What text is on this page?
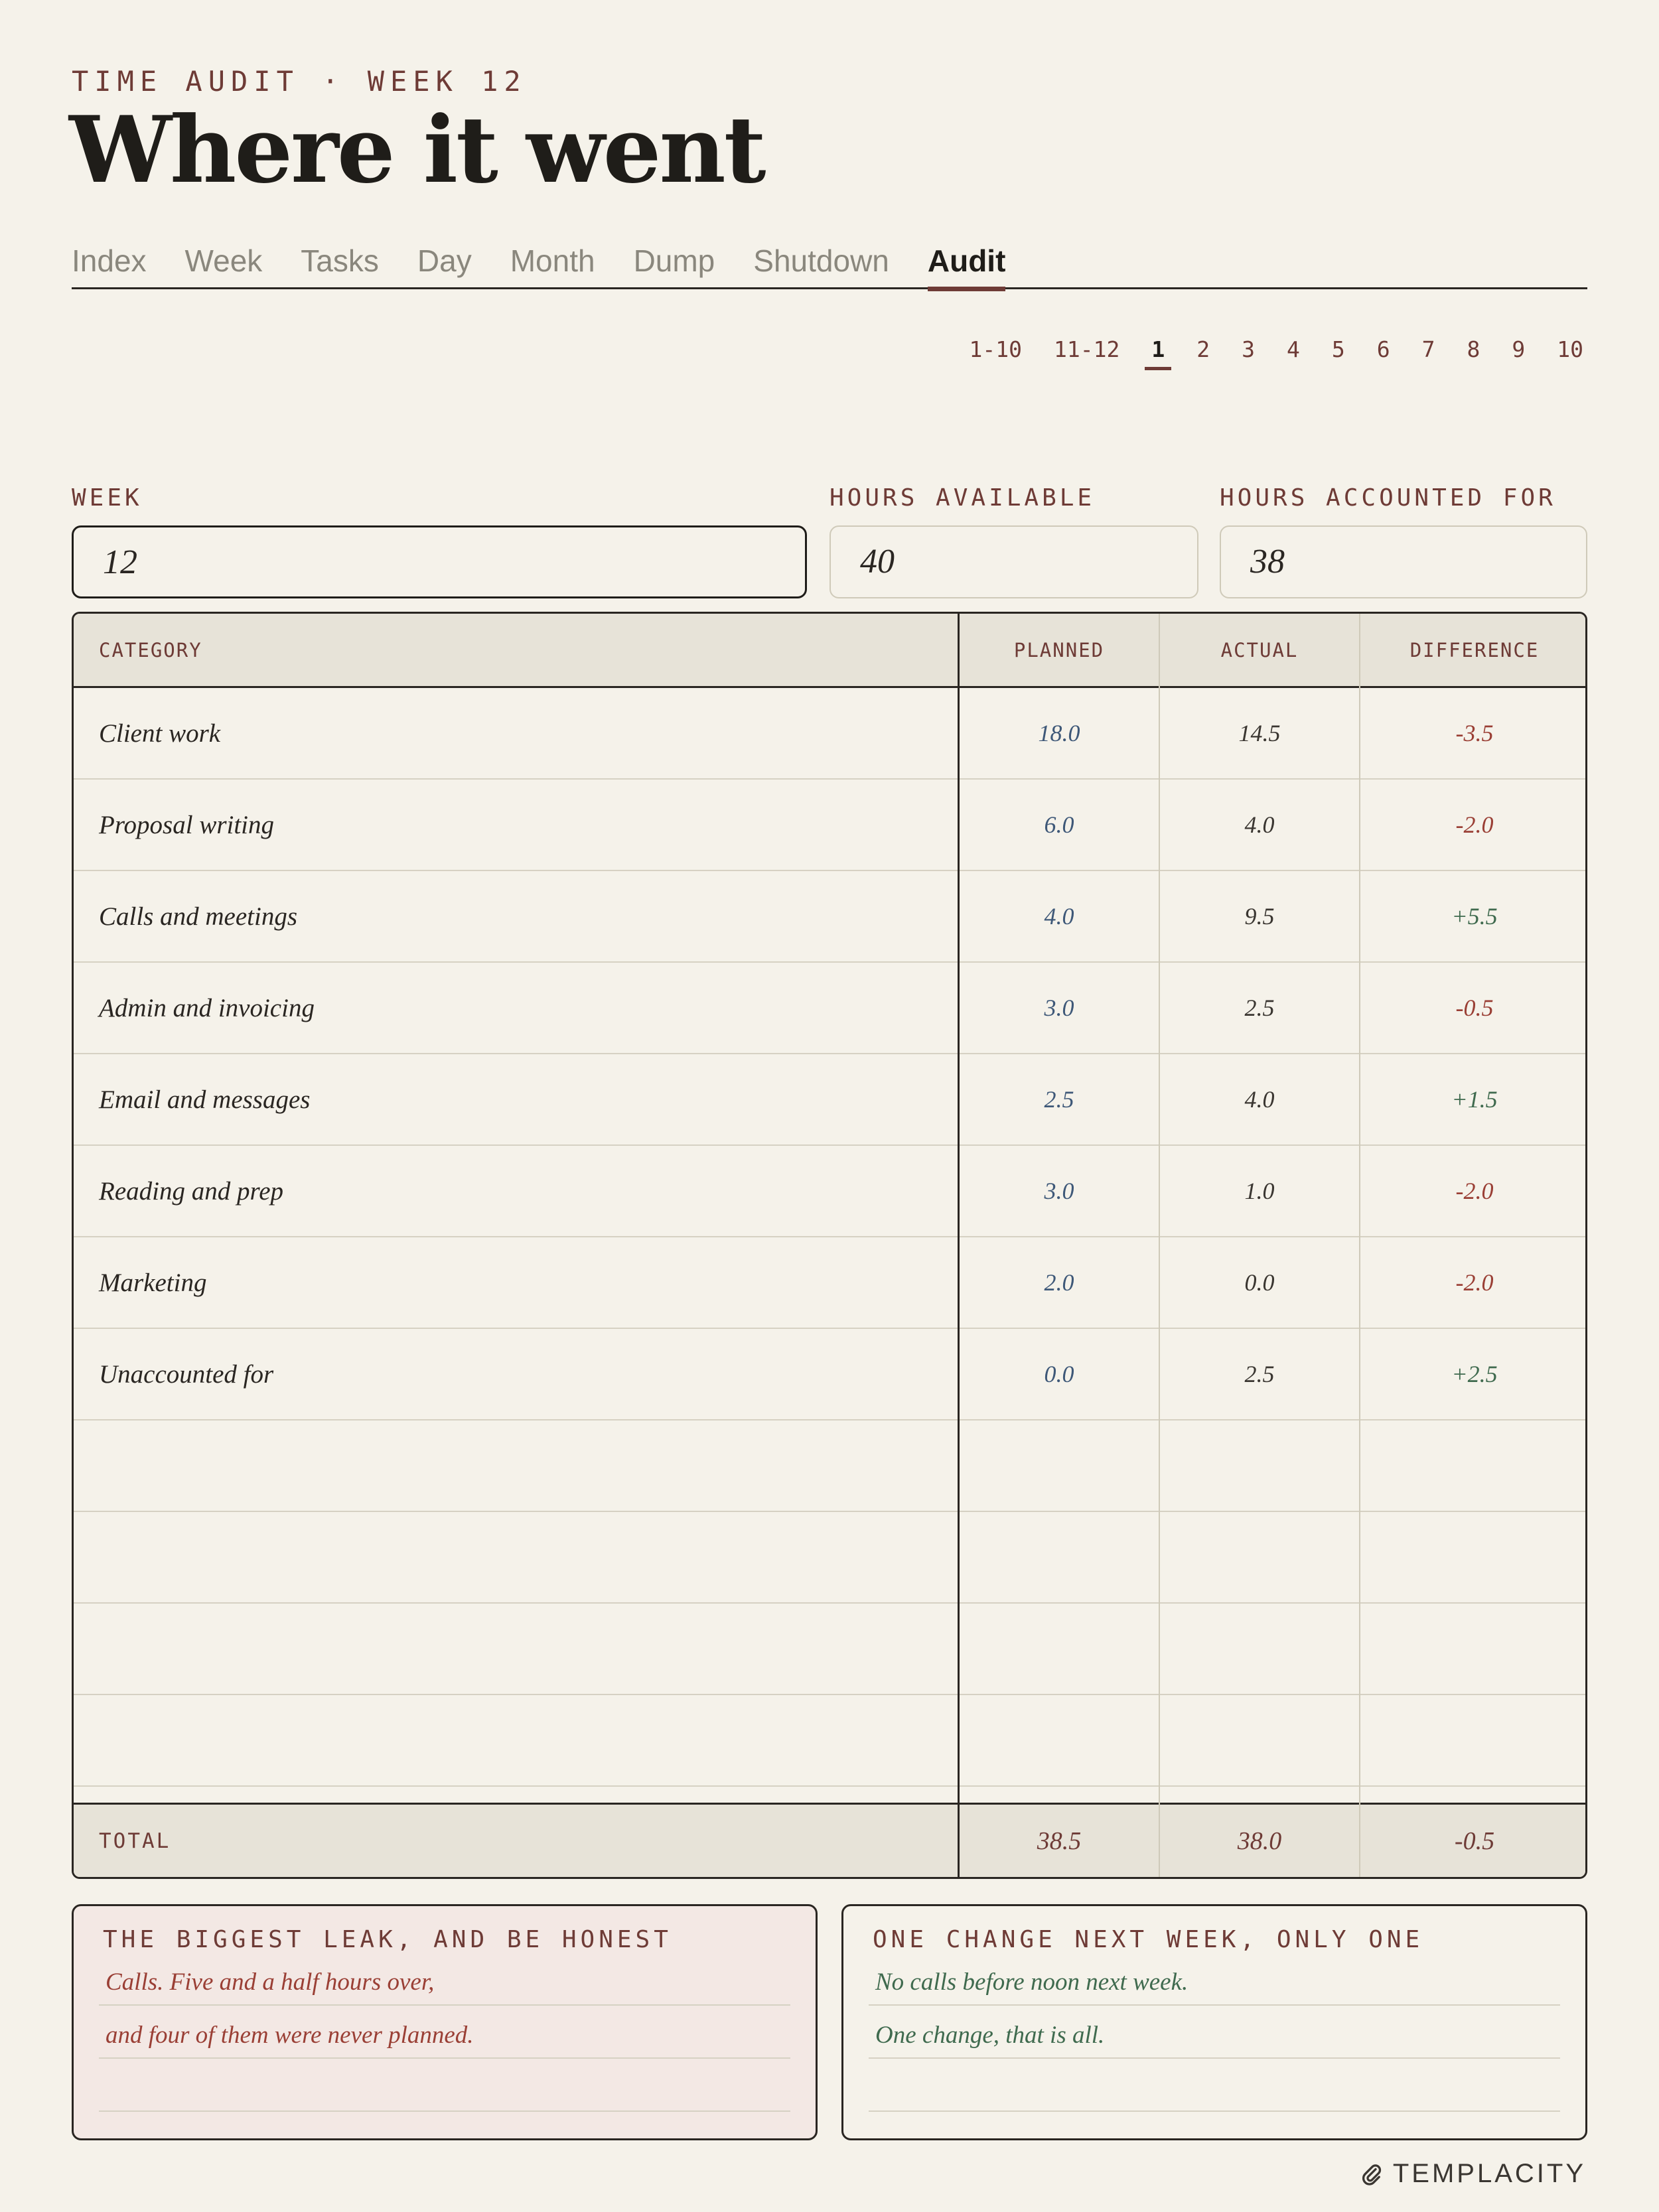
TIME AUDIT · WEEK 12
Where it went
Index Week Tasks Day Month Dump Shutdown Audit
1-10 11-12 1 2 3 4 5 6 7 8 9 10
WEEK	HOURS AVAILABLE	HOURS ACCOUNTED FOR
12	40	38
CATEGORY	PLANNED	ACTUAL	DIFFERENCE
Client work	18.0	14.5	-3.5
Proposal writing	6.0	4.0	-2.0
Calls and meetings	4.0	9.5	+5.5
Admin and invoicing	3.0	2.5	-0.5
Email and messages	2.5	4.0	+1.5
Reading and prep	3.0	1.0	-2.0
Marketing	2.0	0.0	-2.0
Unaccounted for	0.0	2.5	+2.5
TOTAL	38.5	38.0	-0.5
THE BIGGEST LEAK, AND BE HONEST
Calls. Five and a half hours over,
and four of them were never planned.
ONE CHANGE NEXT WEEK, ONLY ONE
No calls before noon next week.
One change, that is all.
TEMPLACITY
